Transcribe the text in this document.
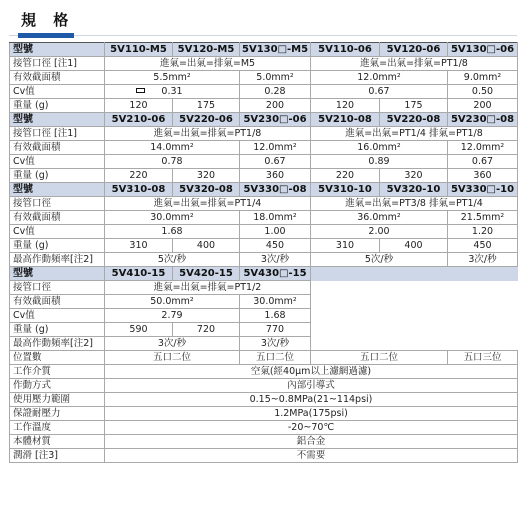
規 格
型號	5V110-M5	5V120-M5	5V130□-M5	5V110-06	5V120-06	5V130□-06
接管口徑 [注1]	進氣=出氣=排氣=M5			進氣=出氣=排氣=PT1/8		
有效截面積	5.5mm²		5.0mm²	12.0mm²		9.0mm²
Cv值	0.31		0.28	0.67		0.50
重量 (g)	120	175	200	120	175	200
型號	5V210-06	5V220-06	5V230□-06	5V210-08	5V220-08	5V230□-08
接管口徑 [注1]	進氣=出氣=排氣=PT1/8			進氣=出氣=PT1/4 排氣=PT1/8		
有效截面積	14.0mm²		12.0mm²	16.0mm²		12.0mm²
Cv值	0.78		0.67	0.89		0.67
重量 (g)	220	320	360	220	320	360
型號	5V310-08	5V320-08	5V330□-08	5V310-10	5V320-10	5V330□-10
接管口徑	進氣=出氣=排氣=PT1/4			進氣=出氣=PT3/8 排氣=PT1/4		
有效截面積	30.0mm²		18.0mm²	36.0mm²		21.5mm²
Cv值	1.68		1.00	2.00		1.20
重量 (g)	310	400	450	310	400	450
最高作動頻率[注2]	5次/秒		3次/秒	5次/秒		3次/秒
型號	5V410-15	5V420-15	5V430□-15			
接管口徑	進氣=出氣=排氣=PT1/2					
有效截面積	50.0mm²		30.0mm²			
Cv值	2.79		1.68			
重量 (g)	590	720	770			
最高作動頻率[注2]	3次/秒		3次/秒			
位置數	五口二位		五口二位	五口二位		五口三位
工作介質	空氣(經40μm以上濾網過濾)					
作動方式	內部引導式					
使用壓力範圍	0.15~0.8MPa(21~114psi)					
保證耐壓力	1.2MPa(175psi)					
工作溫度	-20~70℃					
本體材質	鋁合金					
潤滑 [注3]	不需要					
